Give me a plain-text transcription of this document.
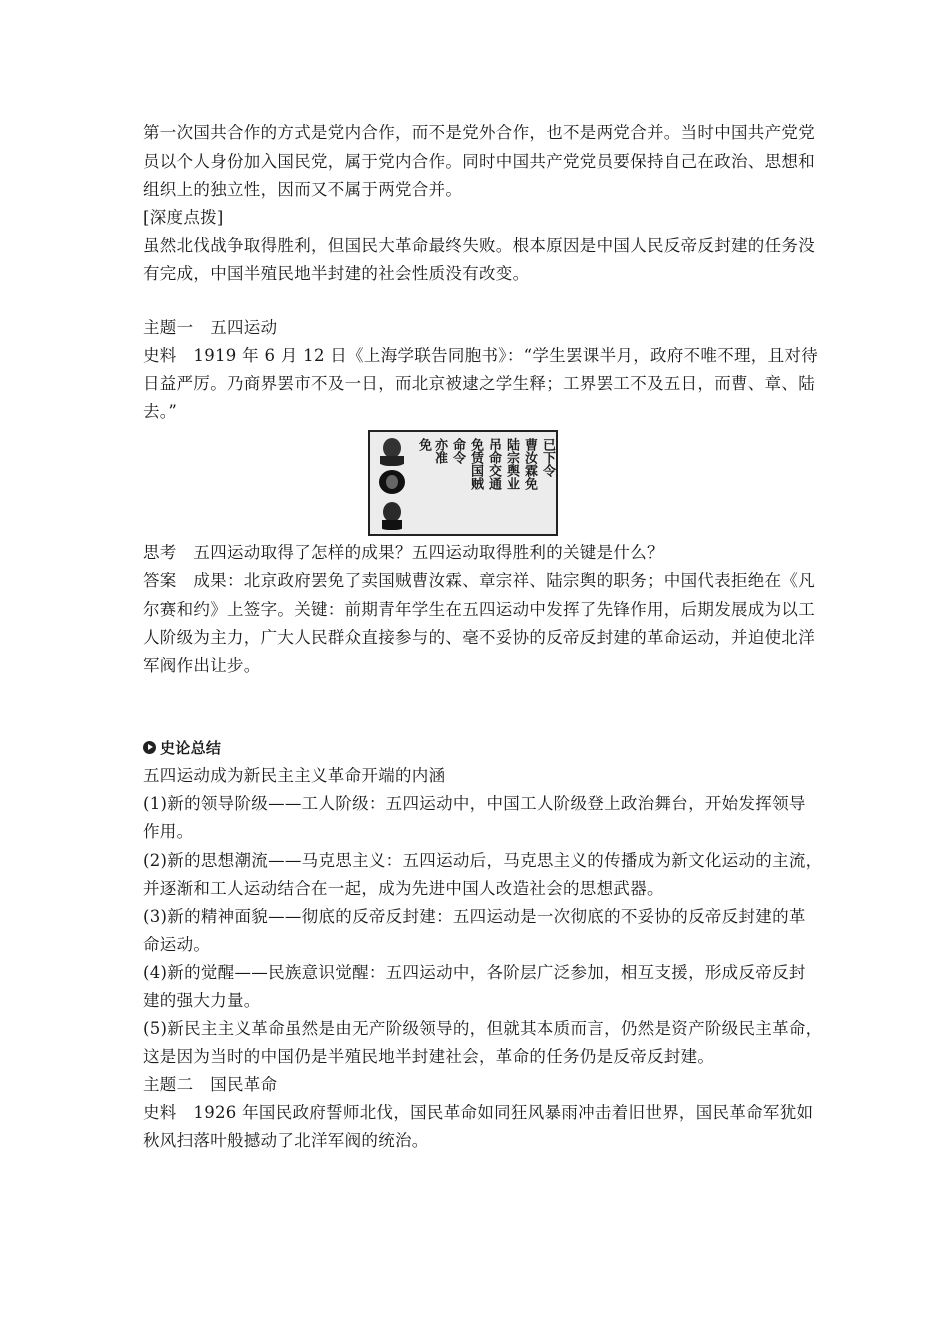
第一次国共合作的方式是党内合作，而不是党外合作，也不是两党合并。当时中国共产党党
员以个人身份加入国民党，属于党内合作。同时中国共产党党员要保持自己在政治、思想和
组织上的独立性，因而又不属于两党合并。
[深度点拨]
虽然北伐战争取得胜利，但国民大革命最终失败。根本原因是中国人民反帝反封建的任务没
有完成，中国半殖民地半封建的社会性质没有改变。
主题一　五四运动
史料　1919 年 6 月 12 日《上海学联告同胞书》：“学生罢课半月，政府不唯不理，且对待
日益严厉。乃商界罢市不及一日，而北京被逮之学生释；工界罢工不及五日，而曹、章、陆
去。”
已下令
曹汝霖免
陆宗舆业
吊命交通
免赁国贼
命令
亦准
免
思考　五四运动取得了怎样的成果？五四运动取得胜利的关键是什么？
答案　成果：北京政府罢免了卖国贼曹汝霖、章宗祥、陆宗舆的职务；中国代表拒绝在《凡
尔赛和约》上签字。关键：前期青年学生在五四运动中发挥了先锋作用，后期发展成为以工
人阶级为主力，广大人民群众直接参与的、毫不妥协的反帝反封建的革命运动，并迫使北洋
军阀作出让步。
史论总结
五四运动成为新民主主义革命开端的内涵
(1)新的领导阶级——工人阶级：五四运动中，中国工人阶级登上政治舞台，开始发挥领导
作用。
(2)新的思想潮流——马克思主义：五四运动后，马克思主义的传播成为新文化运动的主流，
并逐渐和工人运动结合在一起，成为先进中国人改造社会的思想武器。
(3)新的精神面貌——彻底的反帝反封建：五四运动是一次彻底的不妥协的反帝反封建的革
命运动。
(4)新的觉醒——民族意识觉醒：五四运动中，各阶层广泛参加，相互支援，形成反帝反封
建的强大力量。
(5)新民主主义革命虽然是由无产阶级领导的，但就其本质而言，仍然是资产阶级民主革命，
这是因为当时的中国仍是半殖民地半封建社会，革命的任务仍是反帝反封建。
主题二　国民革命
史料　1926 年国民政府誓师北伐，国民革命如同狂风暴雨冲击着旧世界，国民革命军犹如
秋风扫落叶般撼动了北洋军阀的统治。
